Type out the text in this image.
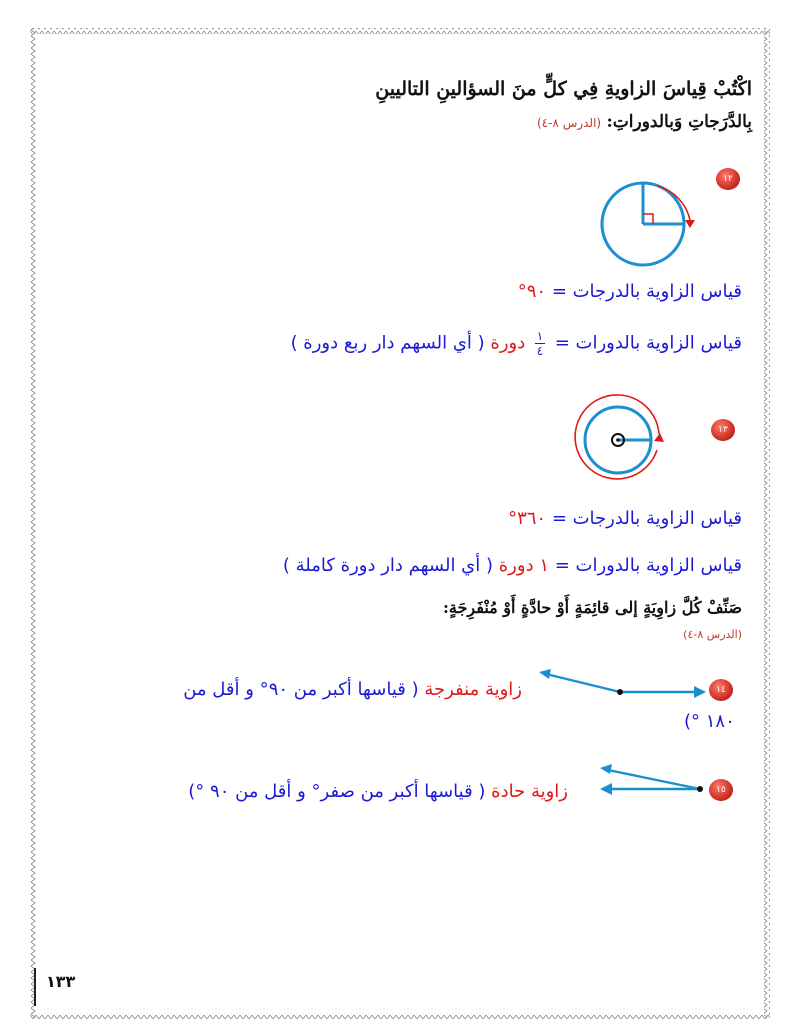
اكْتُبْ قِياسَ الزاويةِ فِي كلٍّ منَ السؤالينِ التاليينِ
بِالدَّرَجاتِ وَبالدوراتِ: (الدرس ٨-٤)
١٢
قياس الزاوية بالدرجات = ٩٠°
قياس الزاوية بالدورات =
$\frac{١}{٤}$
دورة ( أي السهم دار ربع دورة )
١٣
قياس الزاوية بالدرجات = ٣٦٠°
قياس الزاوية بالدورات = ١ دورة ( أي السهم دار دورة كاملة )
صَنِّفْ كُلَّ زاوِيَةٍ إلى قائِمَةٍ أَوْ حادَّةٍ أَوْ مُنْفَرِجَةٍ:
(الدرس ٨-٤)
١٤
زاوية منفرجة ( قياسها أكبر من ٩٠° و أقل من
١٨٠ °)
١٥
زاوية حادة ( قياسها أكبر من صفر° و أقل من ٩٠ °)
١٣٣
